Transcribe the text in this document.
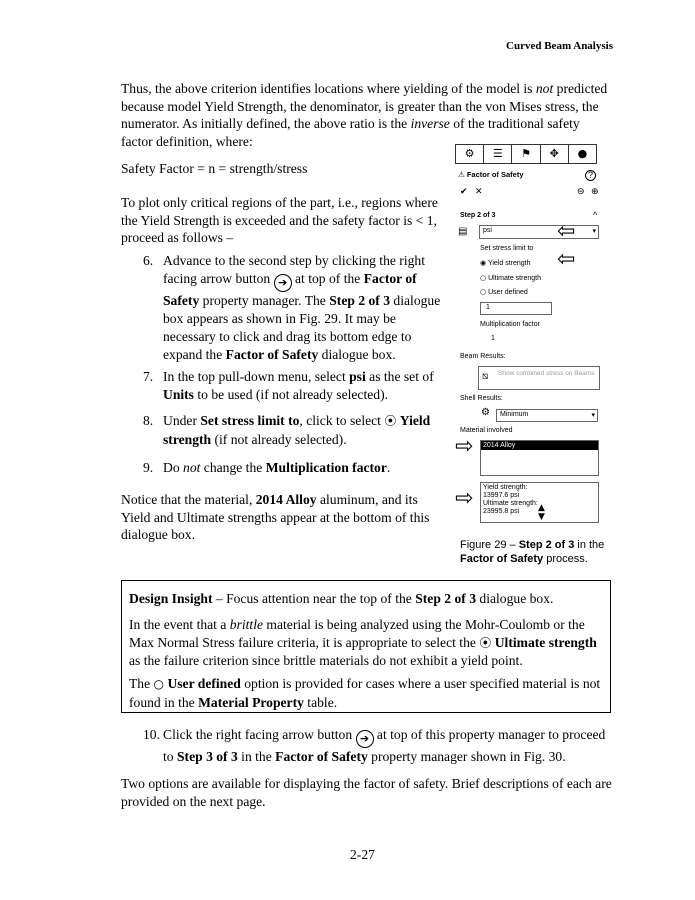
Curved Beam Analysis
Thus, the above criterion identifies locations where yielding of the model is not predicted because model Yield Strength, the denominator, is greater than the von Mises stress, the numerator. As initially defined, the above ratio is the inverse of the traditional safety factor definition, where:
Safety Factor = n = strength/stress
To plot only critical regions of the part, i.e., regions where the Yield Strength is exceeded and the safety factor is < 1, proceed as follows –
6. Advance to the second step by clicking the right facing arrow button ➔ at top of the Factor of Safety property manager. The Step 2 of 3 dialogue box appears as shown in Fig. 29. It may be necessary to click and drag its bottom edge to expand the Factor of Safety dialogue box.
7. In the top pull-down menu, select psi as the set of Units to be used (if not already selected).
8. Under Set stress limit to, click to select ⦿ Yield strength (if not already selected).
9. Do not change the Multiplication factor.
Notice that the material, 2014 Alloy aluminum, and its Yield and Ultimate strengths appear at the bottom of this dialogue box.
⚙	☰	⚑	✥	●
⚠ Factor of Safety	?
✔ ✕	⊖ ⊕
Step 2 of 3	^
▤ psi	▾
⇦
Set stress limit to
◉ Yield strength ⇦
○ Ultimate strength
○ User defined
1
Multiplication factor
1
Beam Results:
⧅ Show combined stress on Beams
Shell Results:
⚙ Minimum	▾
Material involved
2014 Alloy
⇨
Yield strength:
13997.6 psi
Ultimate strength:
23995.8 psi
⇨	▲
▼
Figure 29 – Step 2 of 3 in the Factor of Safety process.
Design Insight – Focus attention near the top of the Step 2 of 3 dialogue box.
In the event that a brittle material is being analyzed using the Mohr-Coulomb or the Max Normal Stress failure criteria, it is appropriate to select the ⦿ Ultimate strength as the failure criterion since brittle materials do not exhibit a yield point.
The ○ User defined option is provided for cases where a user specified material is not found in the Material Property table.
10. Click the right facing arrow button ➔ at top of this property manager to proceed to Step 3 of 3 in the Factor of Safety property manager shown in Fig. 30.
Two options are available for displaying the factor of safety. Brief descriptions of each are provided on the next page.
2-27
